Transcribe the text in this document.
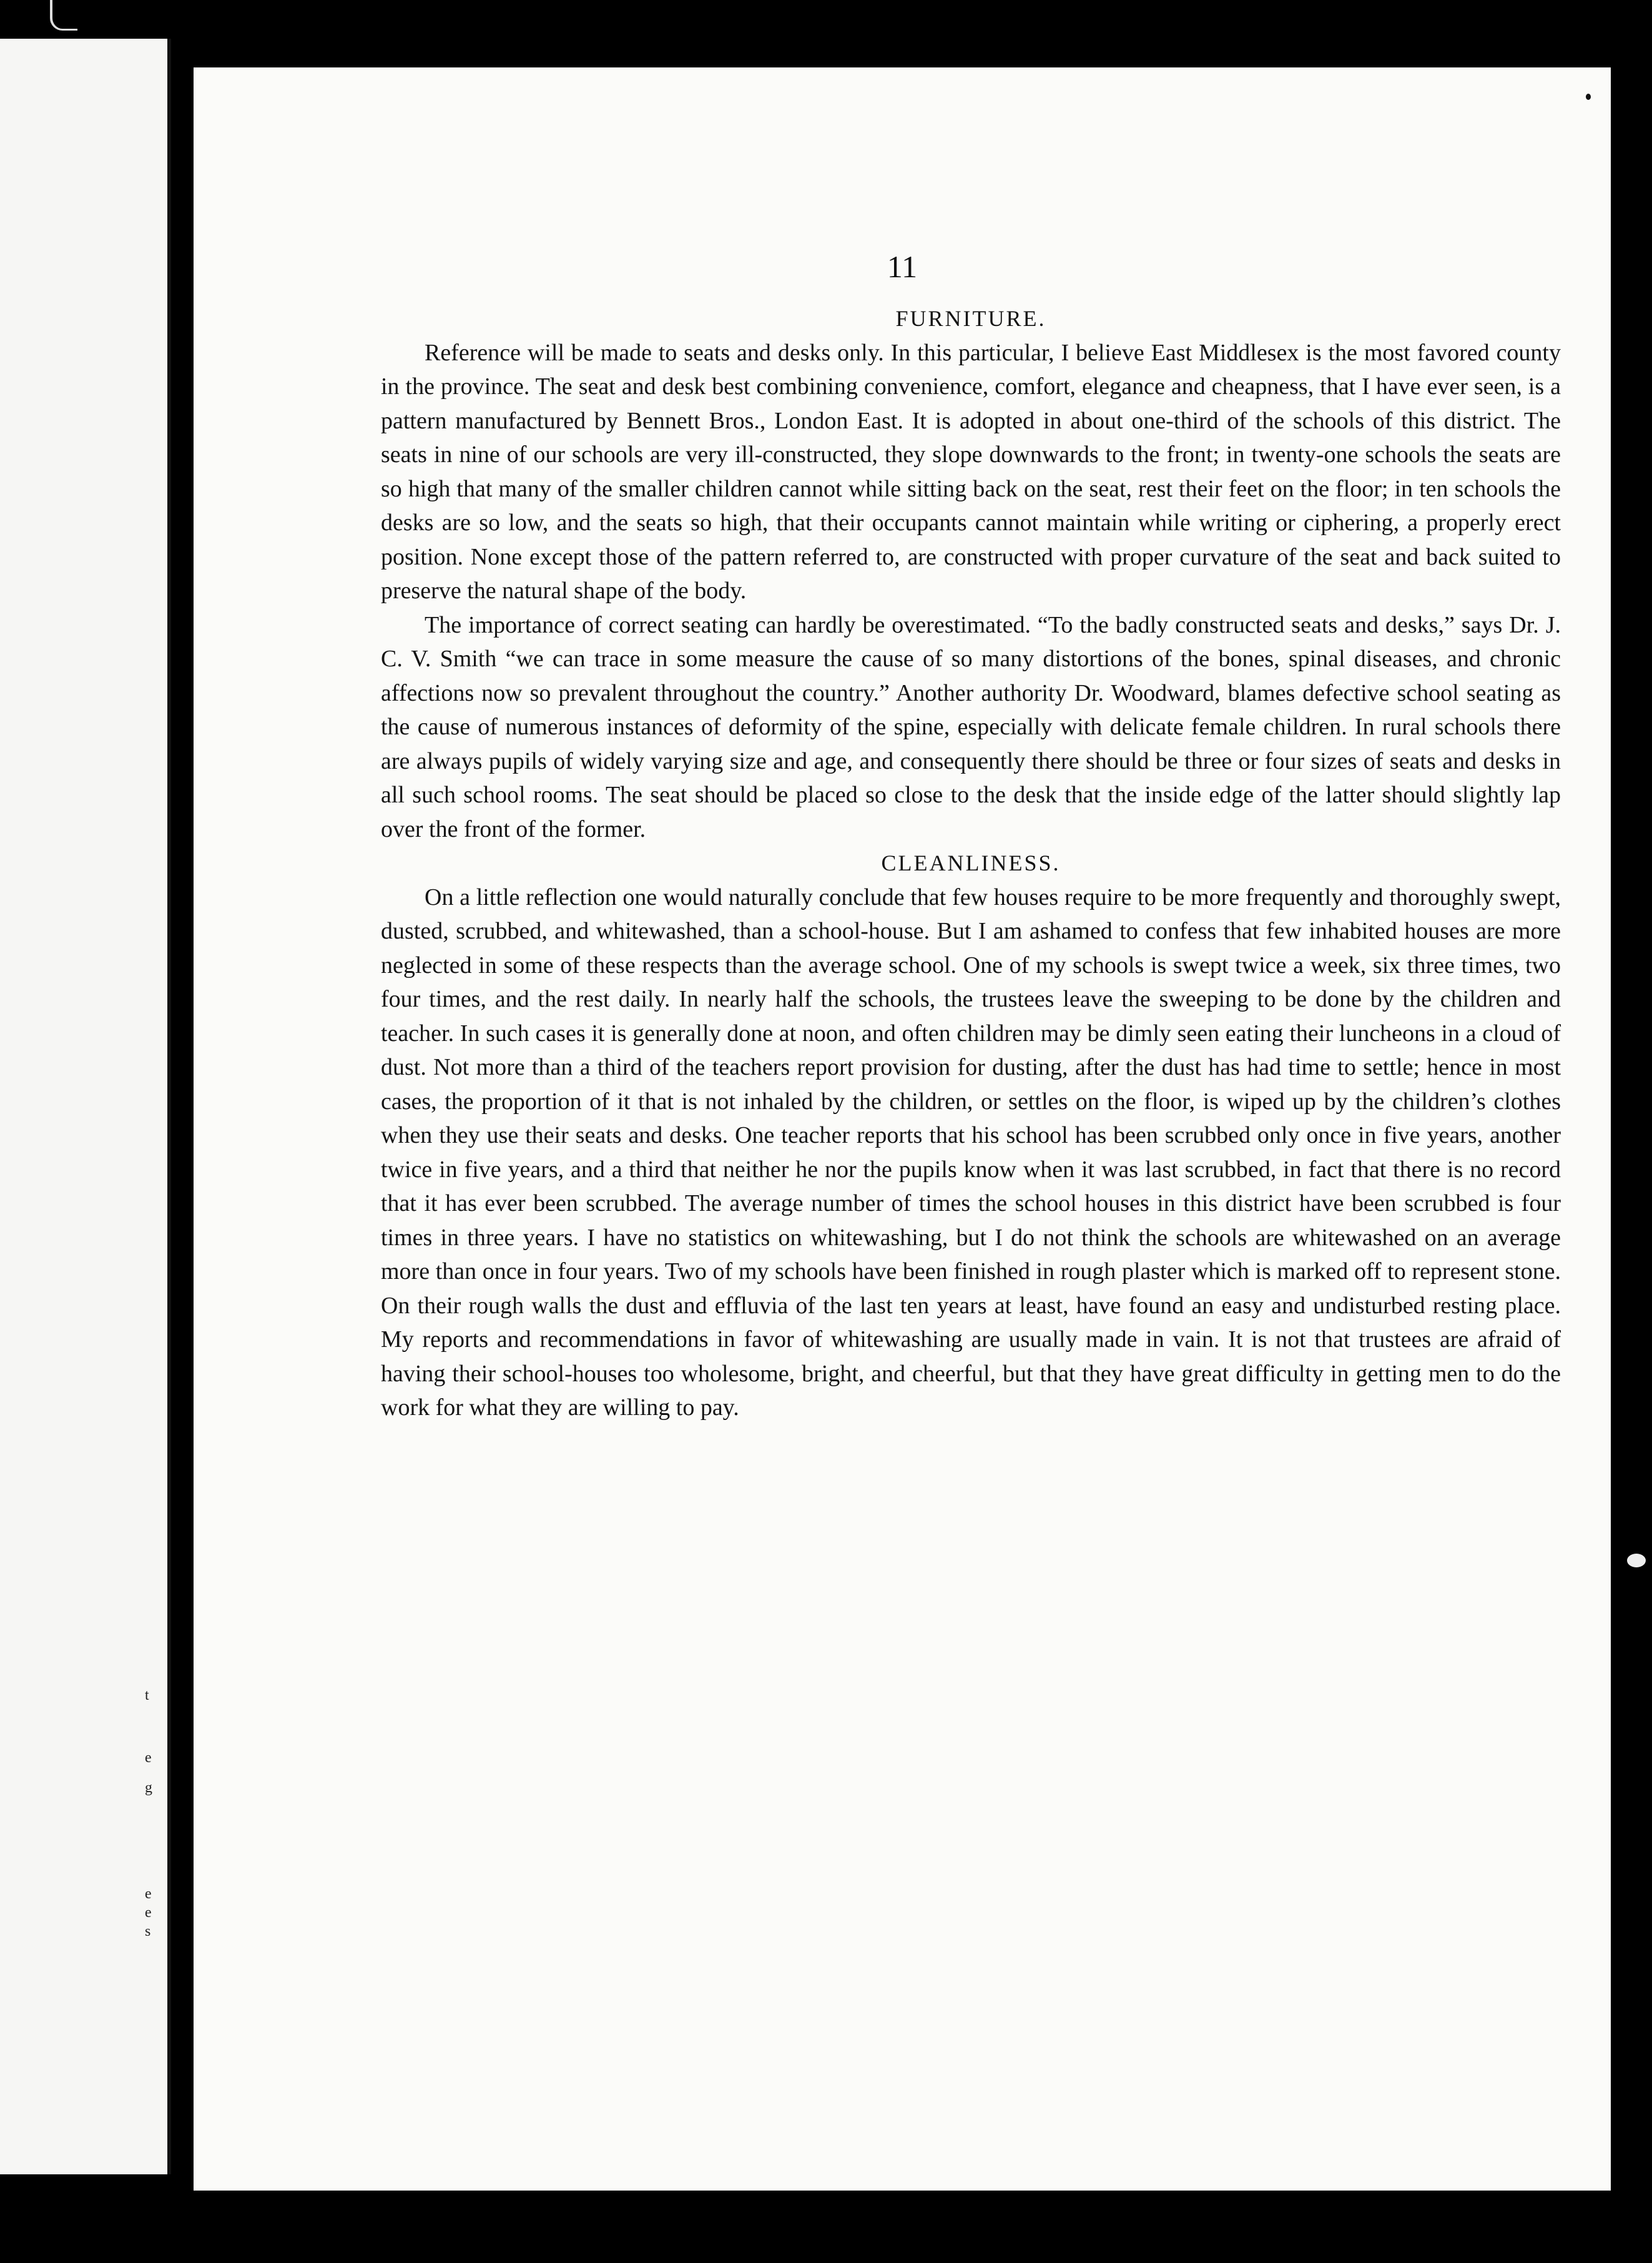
t
e
g
e
e
s
11

FURNITURE.

Reference will be made to seats and desks only. In this particular, I believe East Middlesex is the most favored county in the province. The seat and desk best combining convenience, comfort, elegance and cheapness, that I have ever seen, is a pattern manufactured by Bennett Bros., London East. It is adopted in about one-third of the schools of this district. The seats in nine of our schools are very ill-constructed, they slope downwards to the front; in twenty-one schools the seats are so high that many of the smaller children cannot while sitting back on the seat, rest their feet on the floor; in ten schools the desks are so low, and the seats so high, that their occupants cannot maintain while writing or ciphering, a properly erect position. None except those of the pattern referred to, are constructed with proper curvature of the seat and back suited to preserve the natural shape of the body.

The importance of correct seating can hardly be overestimated. “To the badly constructed seats and desks,” says Dr. J. C. V. Smith “we can trace in some measure the cause of so many distortions of the bones, spinal diseases, and chronic affections now so prevalent throughout the country.” Another authority Dr. Woodward, blames defective school seating as the cause of numerous instances of deformity of the spine, especially with delicate female children. In rural schools there are always pupils of widely varying size and age, and consequently there should be three or four sizes of seats and desks in all such school rooms. The seat should be placed so close to the desk that the inside edge of the latter should slightly lap over the front of the former.

CLEANLINESS.

On a little reflection one would naturally conclude that few houses require to be more frequently and thoroughly swept, dusted, scrubbed, and whitewashed, than a school-house. But I am ashamed to confess that few inhabited houses are more neglected in some of these respects than the average school. One of my schools is swept twice a week, six three times, two four times, and the rest daily. In nearly half the schools, the trustees leave the sweeping to be done by the children and teacher. In such cases it is generally done at noon, and often children may be dimly seen eating their luncheons in a cloud of dust. Not more than a third of the teachers report provision for dusting, after the dust has had time to settle; hence in most cases, the proportion of it that is not inhaled by the children, or settles on the floor, is wiped up by the children’s clothes when they use their seats and desks. One teacher reports that his school has been scrubbed only once in five years, another twice in five years, and a third that neither he nor the pupils know when it was last scrubbed, in fact that there is no record that it has ever been scrubbed. The average number of times the school houses in this district have been scrubbed is four times in three years. I have no statistics on whitewashing, but I do not think the schools are whitewashed on an average more than once in four years. Two of my schools have been finished in rough plaster which is marked off to represent stone. On their rough walls the dust and effluvia of the last ten years at least, have found an easy and undisturbed resting place. My reports and recommendations in favor of whitewashing are usually made in vain. It is not that trustees are afraid of having their school-houses too wholesome, bright, and cheerful, but that they have great difficulty in getting men to do the work for what they are willing to pay.
